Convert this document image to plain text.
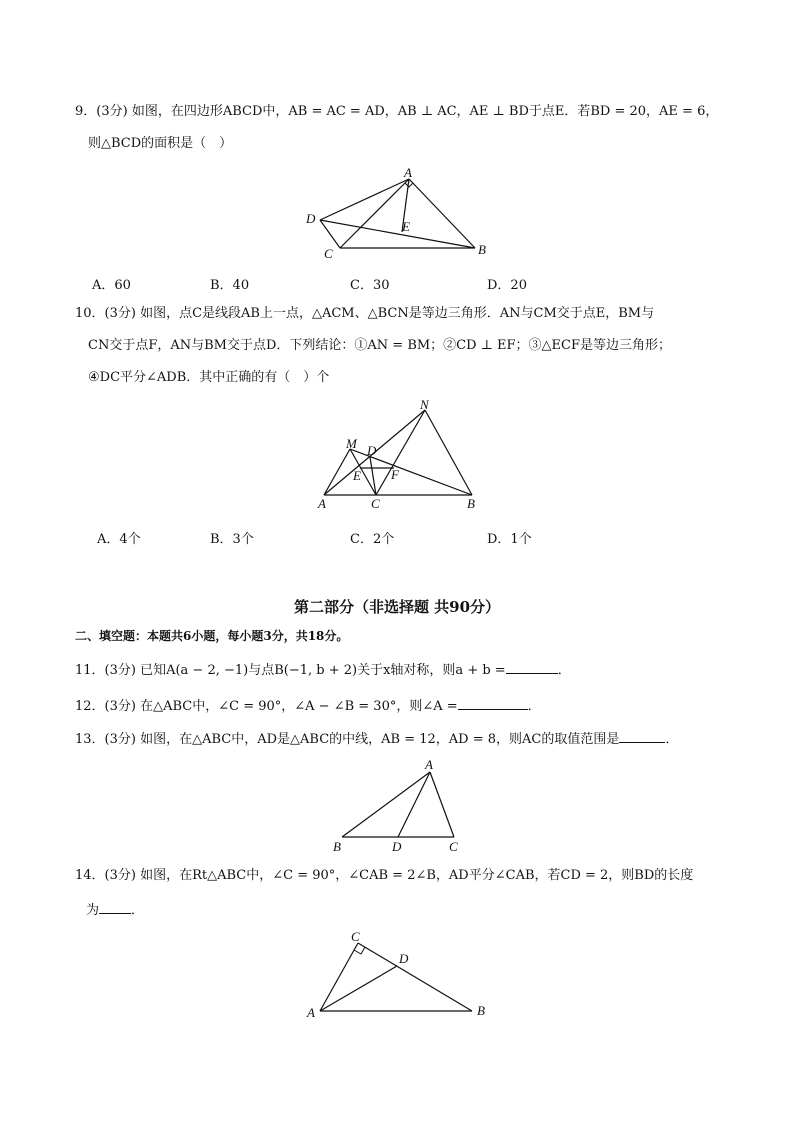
9．(3分) 如图，在四边形ABCD中，AB = AC = AD，AB ⊥ AC，AE ⊥ BD于点E．若BD = 20，AE = 6，
则△BCD的面积是（　）
A
D
C	B
E
A．60	B．40	C．30	D．20
10．(3分) 如图，点C是线段AB上一点，△ACM、△BCN是等边三角形．AN与CM交于点E，BM与
CN交于点F，AN与BM交于点D．下列结论：①AN = BM；②CD ⊥ EF；③△ECF是等边三角形；
④DC平分∠ADB．其中正确的有（　）个
N
M D
E F
A	C	B
A．4个	B．3个	C．2个	D．1个
第二部分（非选择题 共90分）
二、填空题：本题共6小题，每小题3分，共18分。
11．(3分) 已知A(a − 2, −1)与点B(−1, b + 2)关于x轴对称，则a + b =	．
12．(3分) 在△ABC中，∠C = 90°，∠A − ∠B = 30°，则∠A =	．
13．(3分) 如图，在△ABC中，AD是△ABC的中线，AB = 12，AD = 8，则AC的取值范围是	．
A
B	D	C
14．(3分) 如图，在Rt△ABC中，∠C = 90°，∠CAB = 2∠B，AD平分∠CAB，若CD = 2，则BD的长度
为 ．
C
D
A	B
